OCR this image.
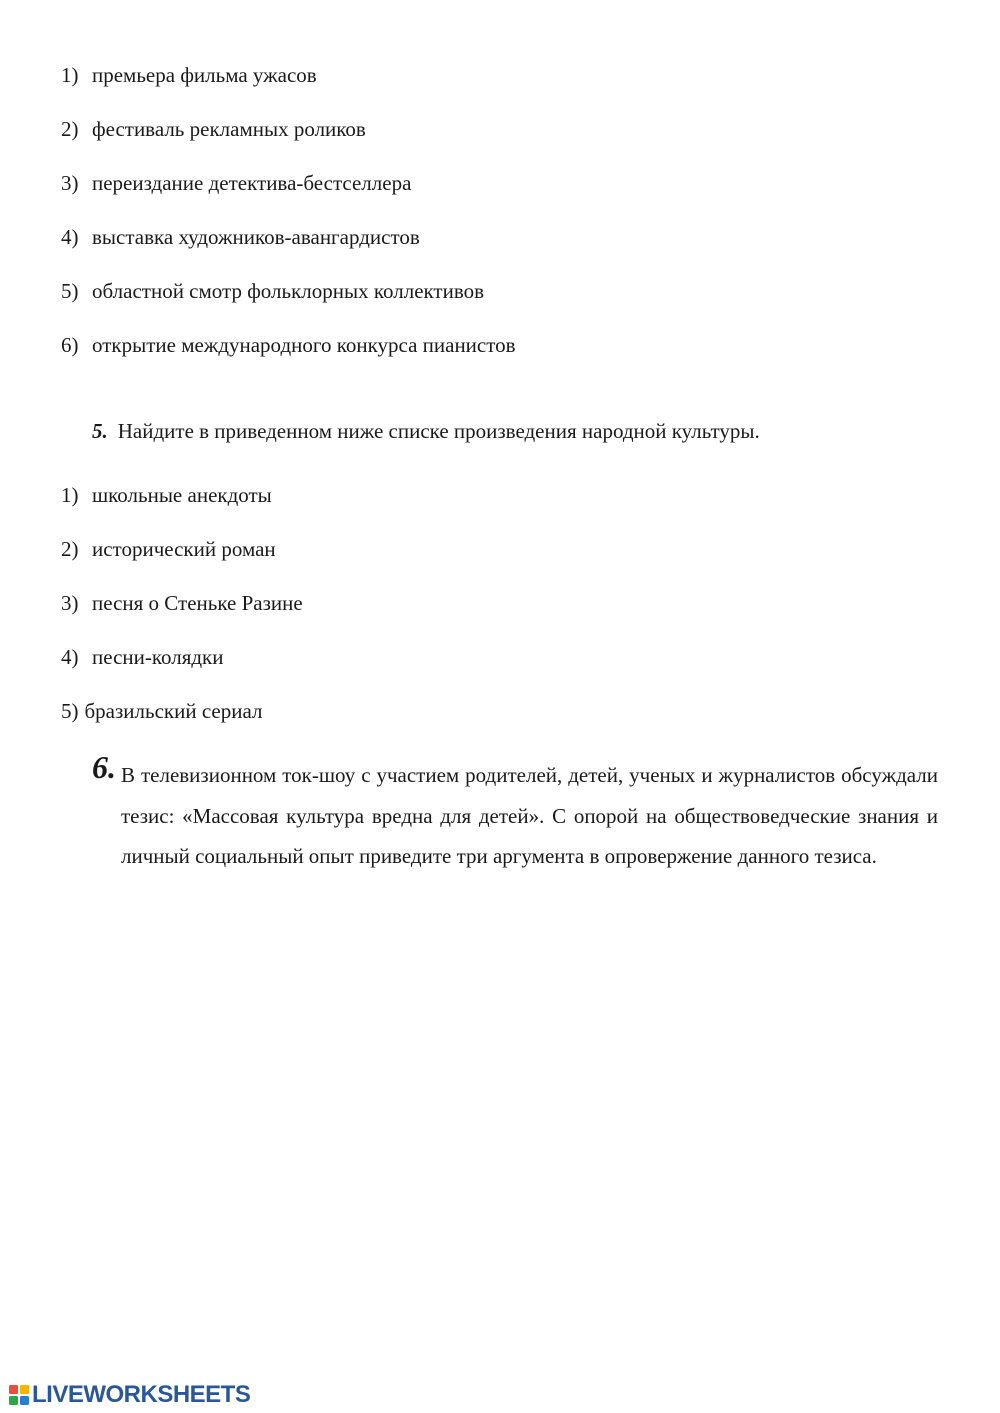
1) премьера фильма ужасов
2) фестиваль рекламных роликов
3) переиздание детектива-бестселлера
4) выставка художников-авангардистов
5) областной смотр фольклорных коллективов
6) открытие международного конкурса пианистов
5. Найдите в приведенном ниже списке произведения народной культуры.
1) школьные анекдоты
2) исторический роман
3) песня о Стеньке Разине
4) песни-колядки
5) бразильский сериал
6. В телевизионном ток-шоу с участием родителей, детей, ученых и журналистов обсуждали тезис: «Массовая культура вредна для детей». С опорой на обществоведческие знания и личный социальный опыт приведите три аргумента в опровержение данного тезиса.
LIVEWORKSHEETS
